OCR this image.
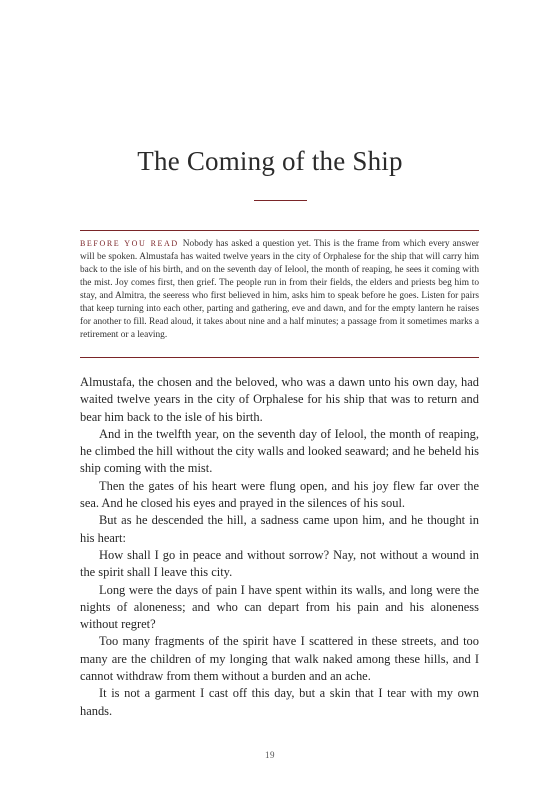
The Coming of the Ship

BEFORE YOU READ Nobody has asked a question yet. This is the frame from which every answer will be spoken. Almustafa has waited twelve years in the city of Orphalese for the ship that will carry him back to the isle of his birth, and on the seventh day of Ielool, the month of reaping, he sees it coming with the mist. Joy comes first, then grief. The people run in from their fields, the elders and priests beg him to stay, and Almitra, the seeress who first believed in him, asks him to speak before he goes. Listen for pairs that keep turning into each other, parting and gathering, eve and dawn, and for the empty lantern he raises for another to fill. Read aloud, it takes about nine and a half minutes; a passage from it sometimes marks a retirement or a leaving.

Almustafa, the chosen and the beloved, who was a dawn unto his own day, had waited twelve years in the city of Orphalese for his ship that was to return and bear him back to the isle of his birth.

And in the twelfth year, on the seventh day of Ielool, the month of reaping, he climbed the hill without the city walls and looked seaward; and he beheld his ship coming with the mist.

Then the gates of his heart were flung open, and his joy flew far over the sea. And he closed his eyes and prayed in the silences of his soul.

But as he descended the hill, a sadness came upon him, and he thought in his heart:

How shall I go in peace and without sorrow? Nay, not without a wound in the spirit shall I leave this city.

Long were the days of pain I have spent within its walls, and long were the nights of aloneness; and who can depart from his pain and his aloneness without regret?

Too many fragments of the spirit have I scattered in these streets, and too many are the children of my longing that walk naked among these hills, and I cannot withdraw from them without a burden and an ache.

It is not a garment I cast off this day, but a skin that I tear with my own hands.

19
